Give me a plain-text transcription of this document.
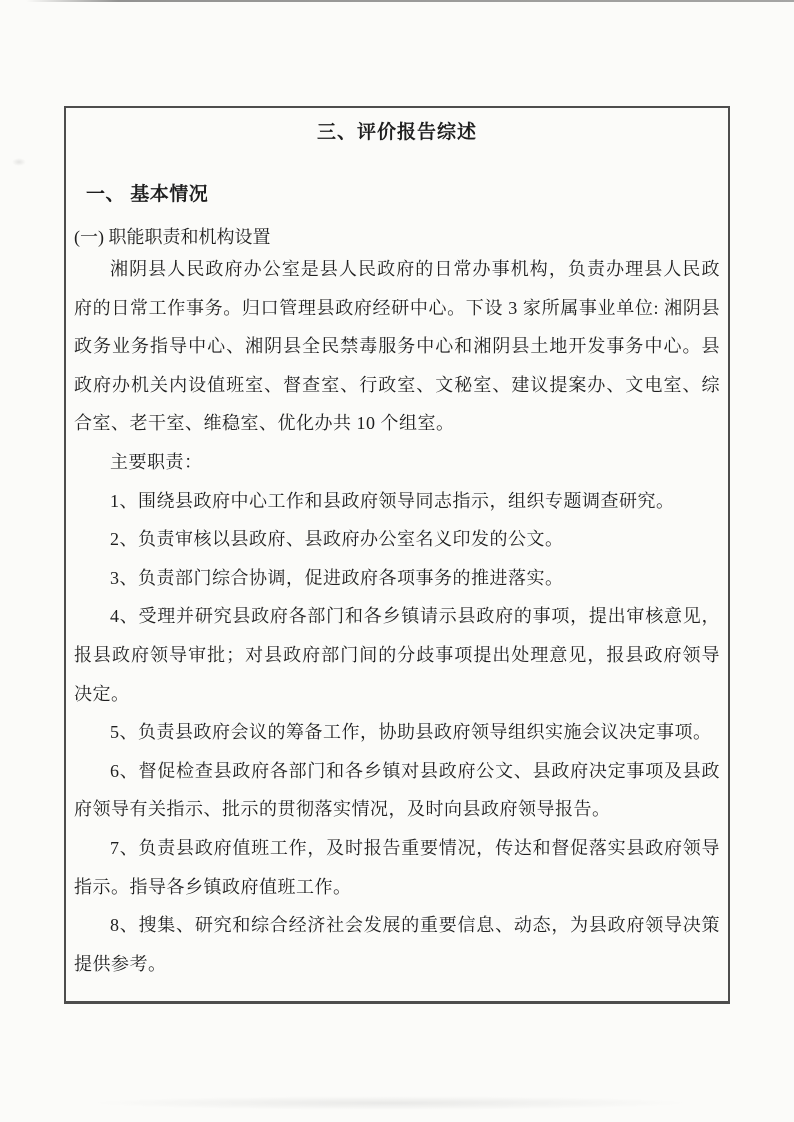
三、评价报告综述
一、 基本情况
(一) 职能职责和机构设置

湘阴县人民政府办公室是县人民政府的日常办事机构，负责办理县人民政府的日常工作事务。归口管理县政府经研中心。下设 3 家所属事业单位: 湘阴县政务业务指导中心、湘阴县全民禁毒服务中心和湘阴县土地开发事务中心。县政府办机关内设值班室、督查室、行政室、文秘室、建议提案办、文电室、综合室、老干室、维稳室、优化办共 10 个组室。

主要职责：

1、围绕县政府中心工作和县政府领导同志指示，组织专题调查研究。

2、负责审核以县政府、县政府办公室名义印发的公文。

3、负责部门综合协调，促进政府各项事务的推进落实。

4、受理并研究县政府各部门和各乡镇请示县政府的事项，提出审核意见，报县政府领导审批；对县政府部门间的分歧事项提出处理意见，报县政府领导决定。

5、负责县政府会议的筹备工作，协助县政府领导组织实施会议决定事项。

6、督促检查县政府各部门和各乡镇对县政府公文、县政府决定事项及县政府领导有关指示、批示的贯彻落实情况，及时向县政府领导报告。

7、负责县政府值班工作，及时报告重要情况，传达和督促落实县政府领导指示。指导各乡镇政府值班工作。

8、搜集、研究和综合经济社会发展的重要信息、动态，为县政府领导决策提供参考。
